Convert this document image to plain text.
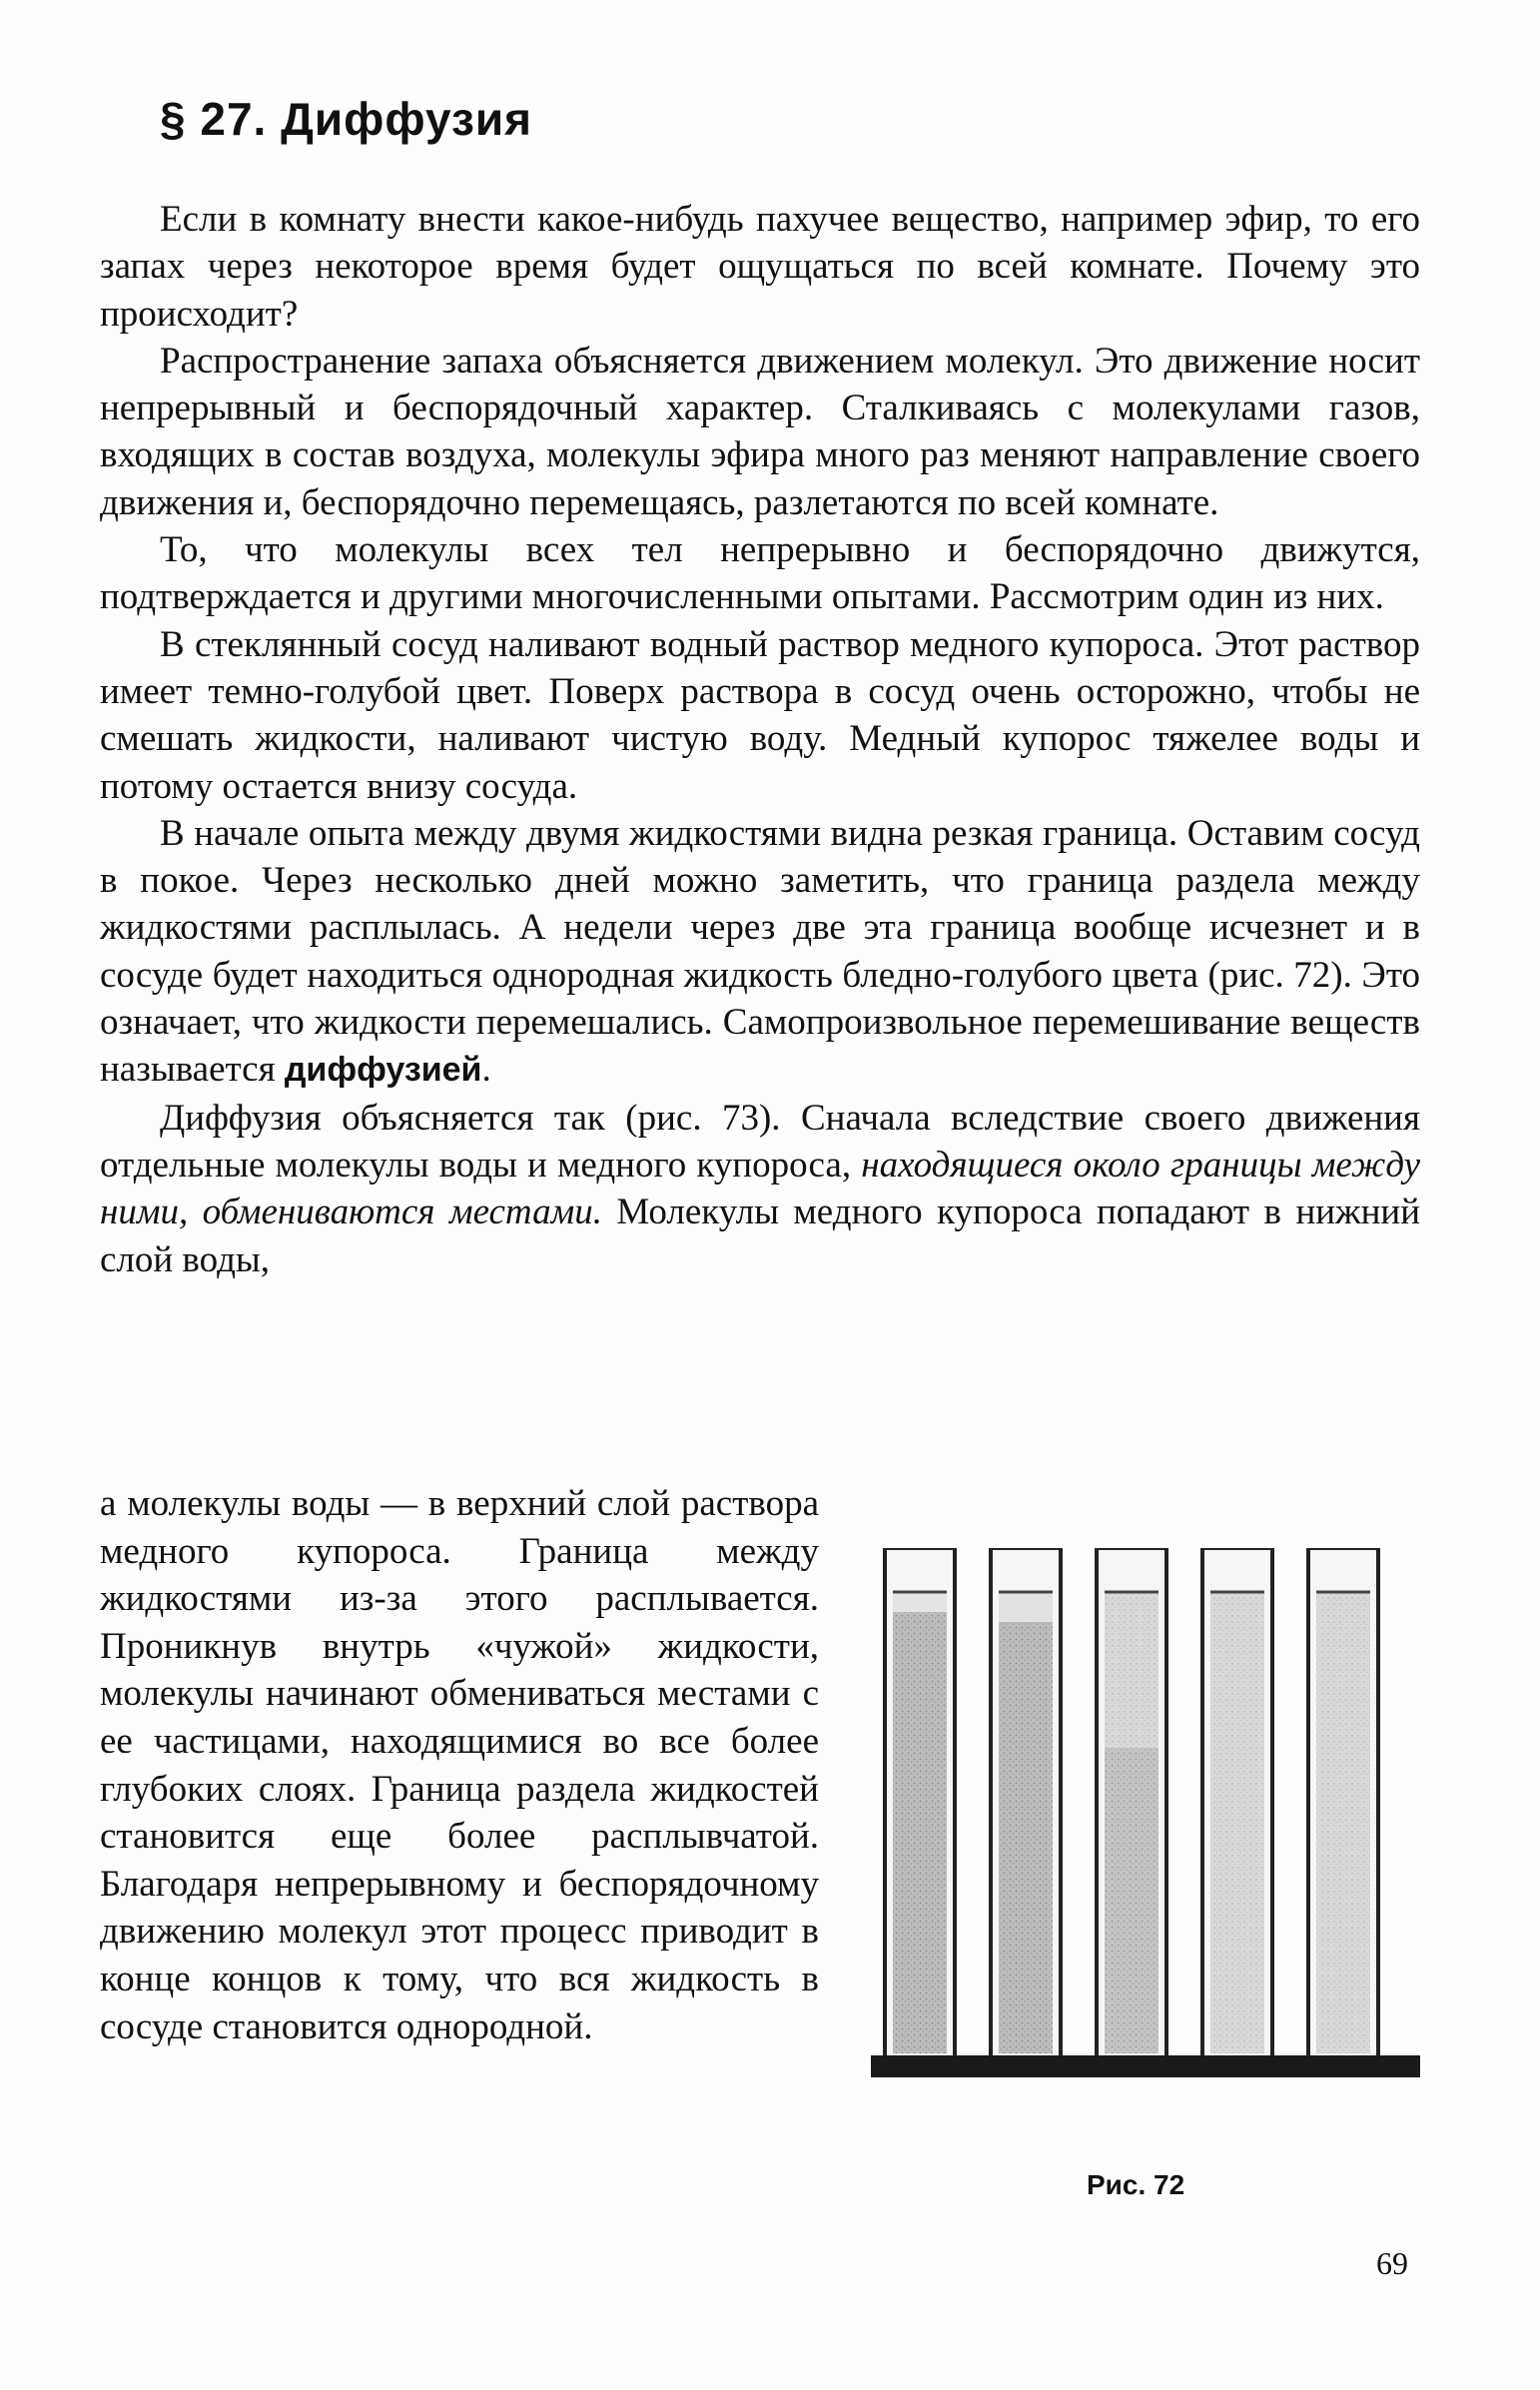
§ 27. Диффузия

Если в комнату внести какое-нибудь пахучее вещество, например эфир, то его запах через некоторое время будет ощущаться по всей комнате. Почему это происходит?

Распространение запаха объясняется движением молекул. Это движение носит непрерывный и беспорядочный характер. Сталкиваясь с молекулами газов, входящих в состав воздуха, молекулы эфира много раз меняют направление своего движения и, беспорядочно перемещаясь, разлетаются по всей комнате.

То, что молекулы всех тел непрерывно и беспорядочно движутся, подтверждается и другими многочисленными опытами. Рассмотрим один из них.

В стеклянный сосуд наливают водный раствор медного купороса. Этот раствор имеет темно-голубой цвет. Поверх раствора в сосуд очень осторожно, чтобы не смешать жидкости, наливают чистую воду. Медный купорос тяжелее воды и потому остается внизу сосуда.

В начале опыта между двумя жидкостями видна резкая граница. Оставим сосуд в покое. Через несколько дней можно заметить, что граница раздела между жидкостями расплылась. А недели через две эта граница вообще исчезнет и в сосуде будет находиться однородная жидкость бледно-голубого цвета (рис. 72). Это означает, что жидкости перемешались. Самопроизвольное перемешивание веществ называется диффузией.

Диффузия объясняется так (рис. 73). Сначала вследствие своего движения отдельные молекулы воды и медного купороса, находящиеся около границы между ними, обмениваются местами. Молекулы медного купороса попадают в нижний слой воды,

а молекулы воды — в верхний слой раствора медного купороса. Граница между жидкостями из-за этого расплывается. Проникнув внутрь «чужой» жидкости, молекулы начинают обмениваться местами с ее частицами, находящимися во все более глубоких слоях. Граница раздела жидкостей становится еще более расплывчатой. Благодаря непрерывному и беспорядочному движению молекул этот процесс приводит в конце концов к тому, что вся жидкость в сосуде становится однородной.

Рис. 72

69
